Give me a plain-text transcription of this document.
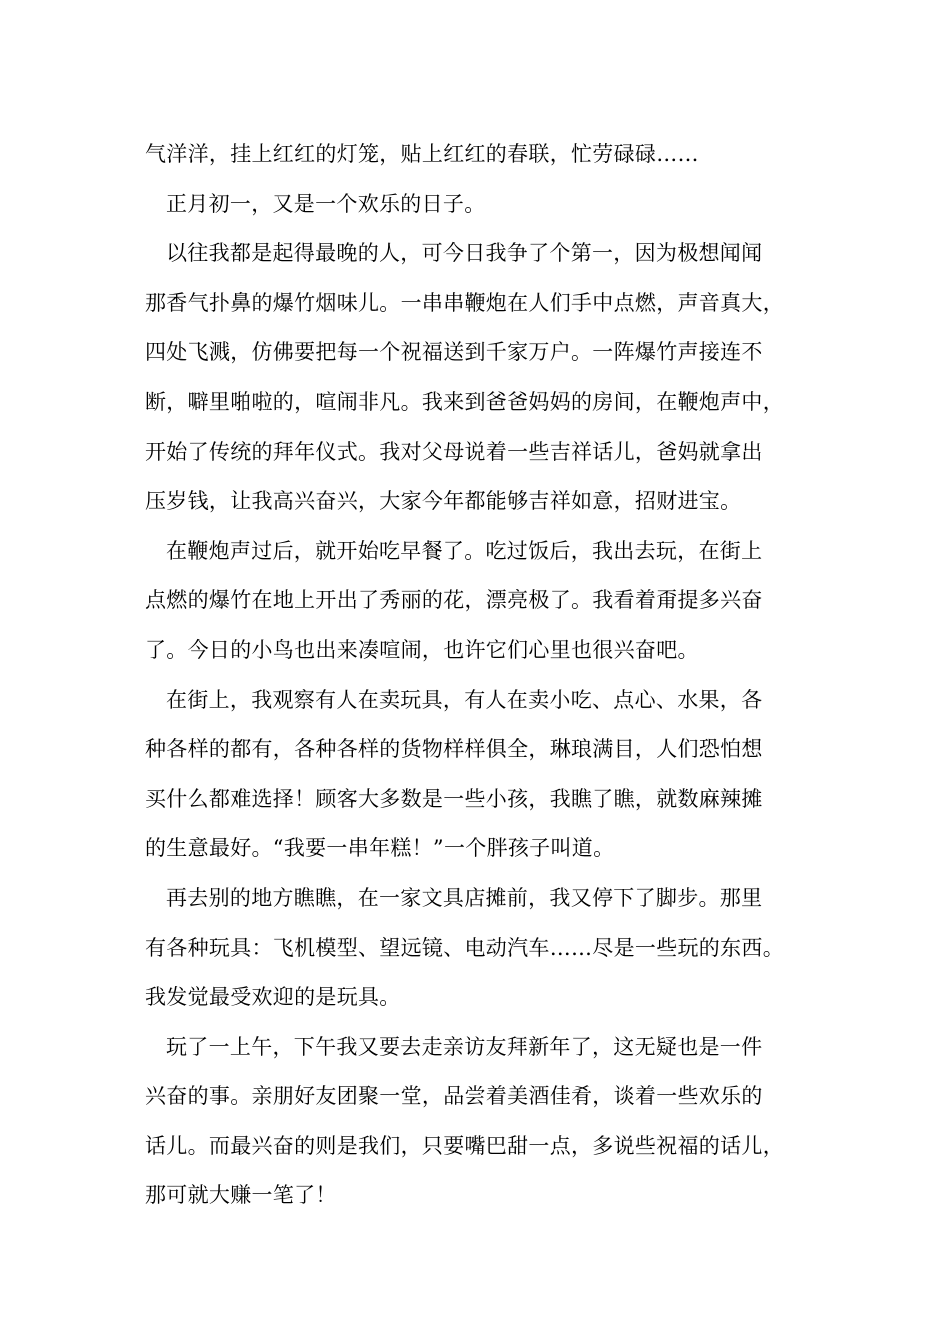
气洋洋，挂上红红的灯笼，贴上红红的春联，忙劳碌碌……
正月初一，又是一个欢乐的日子。
以往我都是起得最晚的人，可今日我争了个第一，因为极想闻闻
那香气扑鼻的爆竹烟味儿。一串串鞭炮在人们手中点燃，声音真大，
四处飞溅，仿佛要把每一个祝福送到千家万户。一阵爆竹声接连不
断，噼里啪啦的，喧闹非凡。我来到爸爸妈妈的房间，在鞭炮声中，
开始了传统的拜年仪式。我对父母说着一些吉祥话儿，爸妈就拿出
压岁钱，让我高兴奋兴，大家今年都能够吉祥如意，招财进宝。
在鞭炮声过后，就开始吃早餐了。吃过饭后，我出去玩，在街上
点燃的爆竹在地上开出了秀丽的花，漂亮极了。我看着甭提多兴奋
了。今日的小鸟也出来凑喧闹，也许它们心里也很兴奋吧。
在街上，我观察有人在卖玩具，有人在卖小吃、点心、水果，各
种各样的都有，各种各样的货物样样俱全，琳琅满目，人们恐怕想
买什么都难选择！顾客大多数是一些小孩，我瞧了瞧，就数麻辣摊
的生意最好。“我要一串年糕！”一个胖孩子叫道。
再去别的地方瞧瞧，在一家文具店摊前，我又停下了脚步。那里
有各种玩具：飞机模型、望远镜、电动汽车……尽是一些玩的东西。
我发觉最受欢迎的是玩具。
玩了一上午，下午我又要去走亲访友拜新年了，这无疑也是一件
兴奋的事。亲朋好友团聚一堂，品尝着美酒佳肴，谈着一些欢乐的
话儿。而最兴奋的则是我们，只要嘴巴甜一点，多说些祝福的话儿，
那可就大赚一笔了！
